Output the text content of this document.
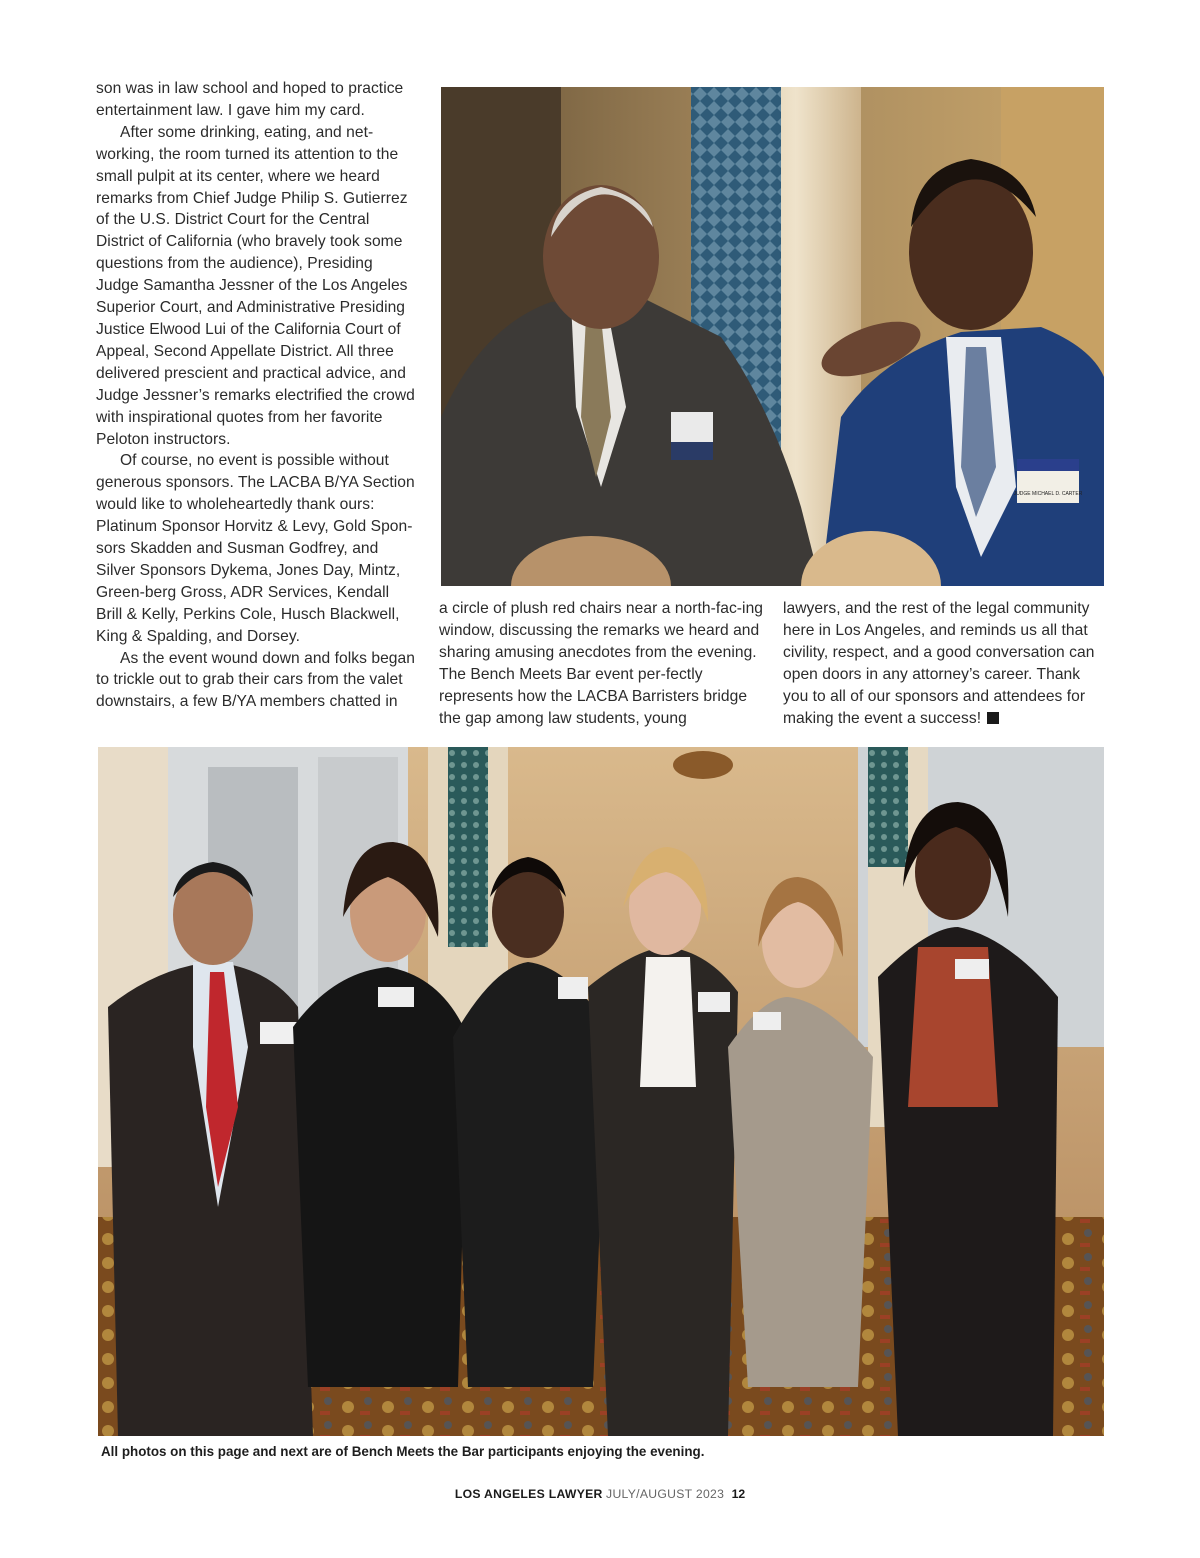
son was in law school and hoped to practice entertainment law. I gave him my card.

After some drinking, eating, and net-working, the room turned its attention to the small pulpit at its center, where we heard remarks from Chief Judge Philip S. Gutierrez of the U.S. District Court for the Central District of California (who bravely took some questions from the audience), Presiding Judge Samantha Jessner of the Los Angeles Superior Court, and Administrative Presiding Justice Elwood Lui of the California Court of Appeal, Second Appellate District. All three delivered prescient and practical advice, and Judge Jessner’s remarks electrified the crowd with inspirational quotes from her favorite Peloton instructors.

Of course, no event is possible without generous sponsors. The LACBA B/YA Section would like to wholeheartedly thank ours: Platinum Sponsor Horvitz & Levy, Gold Spon-sors Skadden and Susman Godfrey, and Silver Sponsors Dykema, Jones Day, Mintz, Green-berg Gross, ADR Services, Kendall Brill & Kelly, Perkins Cole, Husch Blackwell, King & Spalding, and Dorsey.

As the event wound down and folks began to trickle out to grab their cars from the valet downstairs, a few B/YA members chatted in

JUDGE MICHAEL D. CARTER

a circle of plush red chairs near a north-fac-ing window, discussing the remarks we heard and sharing amusing anecdotes from the evening. The Bench Meets Bar event per-fectly represents how the LACBA Barristers bridge the gap among law students, young

lawyers, and the rest of the legal community here in Los Angeles, and reminds us all that civility, respect, and a good conversation can open doors in any attorney’s career. Thank you to all of our sponsors and attendees for making the event a success!

All photos on this page and next are of Bench Meets the Bar participants enjoying the evening.
LOS ANGELES LAWYER JULY/AUGUST 2023 12
